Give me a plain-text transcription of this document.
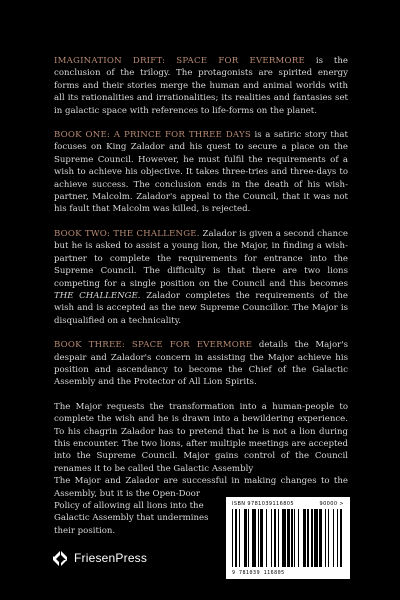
IMAGINATION DRIFT: SPACE FOR EVERMORE is the conclusion of the trilogy. The protagonists are spirited energy forms and their stories merge the human and animal worlds with all its rationalities and irrationalities; its realities and fantasies set in galactic space with references to life-forms on the planet.

BOOK ONE: A PRINCE FOR THREE DAYS is a satiric story that focuses on King Zalador and his quest to secure a place on the Supreme Council. However, he must fulfil the requirements of a wish to achieve his objective. It takes three-tries and three-days to achieve success. The conclusion ends in the death of his wish-partner, Malcolm. Zalador's appeal to the Council, that it was not his fault that Malcolm was killed, is rejected.

BOOK TWO: THE CHALLENGE. Zalador is given a second chance but he is asked to assist a young lion, the Major, in finding a wish-partner to complete the requirements for entrance into the Supreme Council. The difficulty is that there are two lions competing for a single position on the Council and this becomes THE CHALLENGE. Zalador completes the requirements of the wish and is accepted as the new Supreme Councillor. The Major is disqualified on a technicality.

BOOK THREE: SPACE FOR EVERMORE details the Major's despair and Zalador's concern in assisting the Major achieve his position and ascendancy to become the Chief of the Galactic Assembly and the Protector of All Lion Spirits.

The Major requests the transformation into a human-people to complete the wish and he is drawn into a bewildering experience. To his chagrin Zalador has to pretend that he is not a lion during this encounter. The two lions, after multiple meetings are accepted into the Supreme Council. Major gains control of the Council renames it to be called the Galactic Assembly

The Major and Zalador are successful in making changes to the Assembly, but it is the Open-Door

Policy of allowing all lions into the Galactic Assembly that undermines their position.

ISBN 9781039116805	90000 >
9 781039 116805
FriesenPress
